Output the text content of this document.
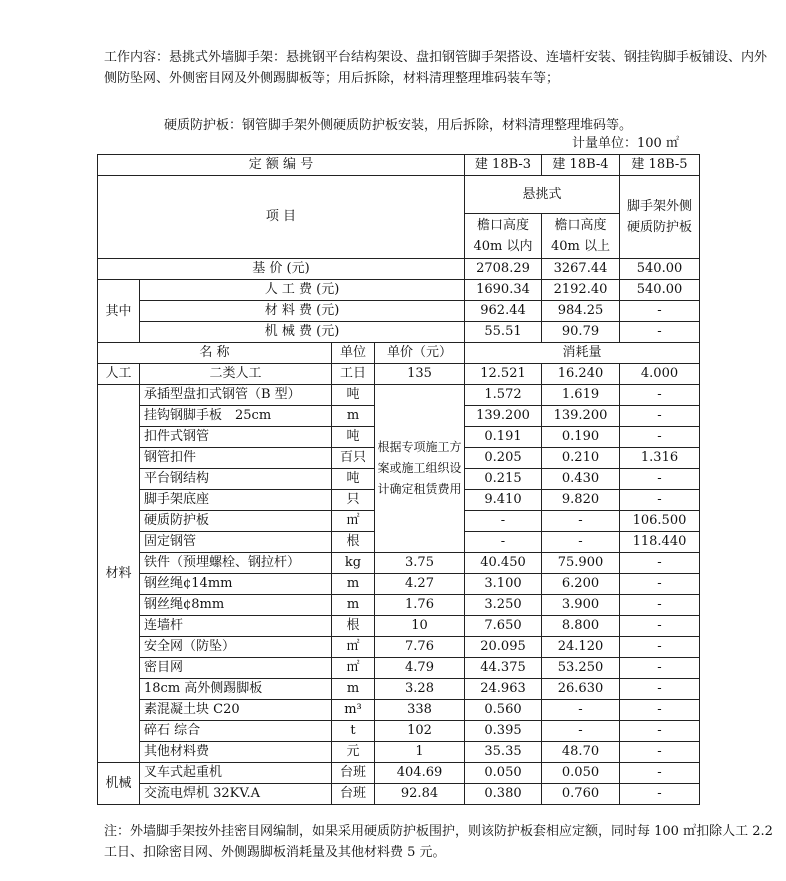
工作内容：悬挑式外墙脚手架：悬挑钢平台结构架设、盘扣钢管脚手架搭设、连墙杆安装、钢挂钩脚手板铺设、内外侧防坠网、外侧密目网及外侧踢脚板等；用后拆除，材料清理整理堆码装车等；
硬质防护板：钢管脚手架外侧硬质防护板安装，用后拆除，材料清理整理堆码等。
计量单位：100 ㎡
定 额 编 号				建 18B-3	建 18B-4	建 18B-5
项 目				悬挑式		脚手架外侧硬质防护板
				檐口高度 40m 以内	檐口高度 40m 以上	
基 价 (元)				2708.29	3267.44	540.00
其中	人 工 费 (元)			1690.34	2192.40	540.00
	材 料 费 (元)			962.44	984.25	-
	机 械 费 (元)			55.51	90.79	-
名 称		单位	单价（元）	消耗量		
人工	二类人工	工日	135	12.521	16.240	4.000
材料	承插型盘扣式钢管（B 型）	吨	根据专项施工方案或施工组织设计确定租赁费用	1.572	1.619	-
	挂钩钢脚手板　25cm	m		139.200	139.200	-
	扣件式钢管	吨		0.191	0.190	-
	钢管扣件	百只		0.205	0.210	1.316
	平台钢结构	吨		0.215	0.430	-
	脚手架底座	只		9.410	9.820	-
	硬质防护板	㎡		-	-	106.500
	固定钢管	根		-	-	118.440
	铁件（预埋螺栓、钢拉杆）	kg	3.75	40.450	75.900	-
	钢丝绳¢14mm	m	4.27	3.100	6.200	-
	钢丝绳¢8mm	m	1.76	3.250	3.900	-
	连墙杆	根	10	7.650	8.800	-
	安全网（防坠）	㎡	7.76	20.095	24.120	-
	密目网	㎡	4.79	44.375	53.250	-
	18cm 高外侧踢脚板	m	3.28	24.963	26.630	-
	素混凝土块 C20	m³	338	0.560	-	-
	碎石 综合	t	102	0.395	-	-
	其他材料费	元	1	35.35	48.70	-
机械	叉车式起重机	台班	404.69	0.050	0.050	-
	交流电焊机 32KV.A	台班	92.84	0.380	0.760	-
注：外墙脚手架按外挂密目网编制，如果采用硬质防护板围护，则该防护板套相应定额，同时每 100 ㎡扣除人工 2.2 工日、扣除密目网、外侧踢脚板消耗量及其他材料费 5 元。
